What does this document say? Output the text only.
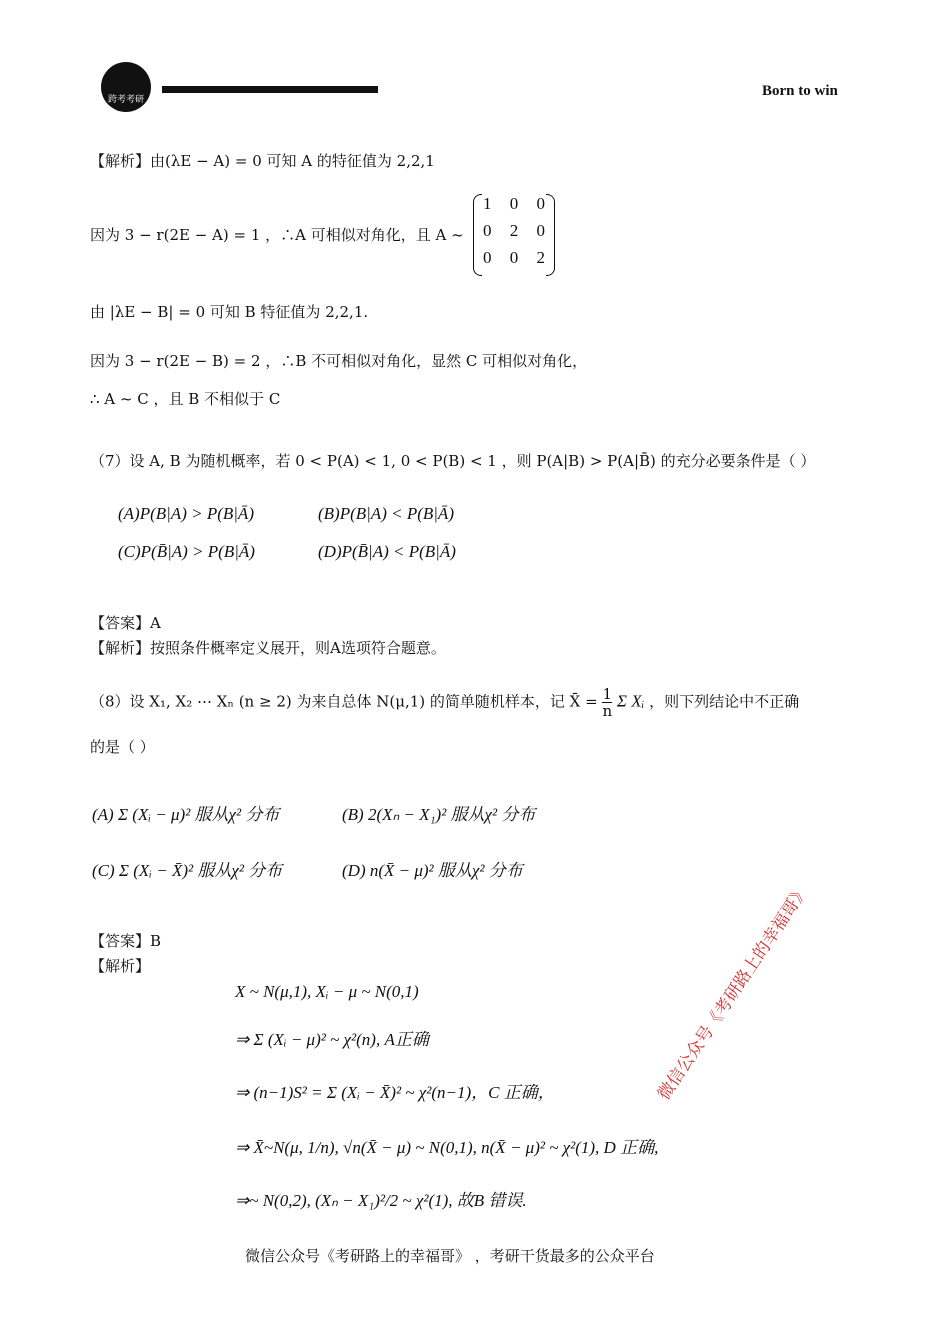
跨考考研
Born to win
【解析】由(λE − A) = 0 可知 A 的特征值为 2,2,1
因为 3 − r(2E − A) = 1 ，∴A 可相似对角化，且 A ~
1 0 0
0 2 0
0 0 2
由 |λE − B| = 0 可知 B 特征值为 2,2,1.
因为 3 − r(2E − B) = 2 ，∴B 不可相似对角化，显然 C 可相似对角化，
∴ A ~ C ，且 B 不相似于 C
（7）设 A, B 为随机概率，若 0 < P(A) < 1, 0 < P(B) < 1 ，则 P(A|B) > P(A|B̄) 的充分必要条件是（ ）
(A)P(B|A) > P(B|Ā)	(B)P(B|A) < P(B|Ā)
(C)P(B̄|A) > P(B|Ā)	(D)P(B̄|A) < P(B|Ā)
【答案】A
【解析】按照条件概率定义展开，则A选项符合题意。
（8）设 X₁, X₂ ⋯ Xₙ (n ≥ 2) 为来自总体 N(μ,1) 的简单随机样本，记 X̄ = $\frac{1}{n}$ Σ Xᵢ ，则下列结论中不正确
的是（ ）
(A) Σ (Xᵢ − μ)² 服从χ² 分布	(B) 2(Xₙ − X₁)² 服从χ² 分布
(C) Σ (Xᵢ − X̄)² 服从χ² 分布	(D) n(X̄ − μ)² 服从χ² 分布
【答案】B
【解析】
X ~ N(μ,1), Xᵢ − μ ~ N(0,1)
⇒ Σ (Xᵢ − μ)² ~ χ²(n), A正确
⇒ (n−1)S² = Σ (Xᵢ − X̄)² ~ χ²(n−1)，C 正确，
⇒ X̄~N(μ, 1/n), √n(X̄ − μ) ~ N(0,1), n(X̄ − μ)² ~ χ²(1), D 正确,
⇒~ N(0,2), (Xₙ − X₁)²/2 ~ χ²(1), 故B 错误.
微信公众号《考研路上的幸福哥》
微信公众号《考研路上的幸福哥》 ，考研干货最多的公众平台
